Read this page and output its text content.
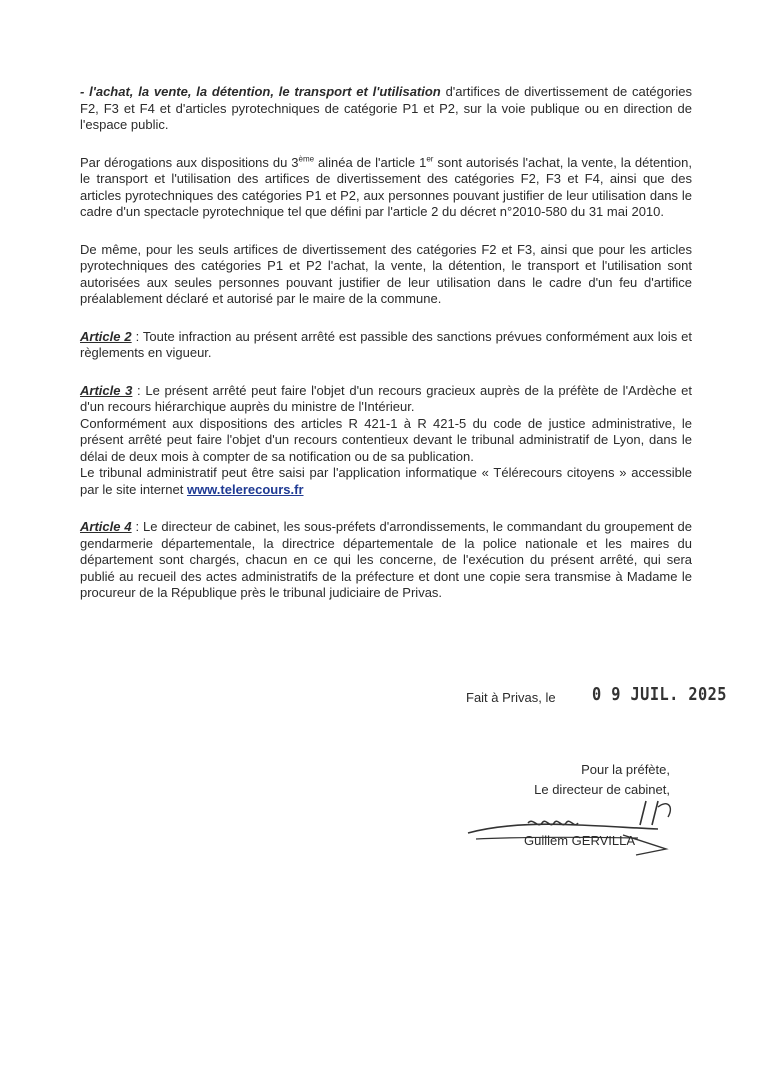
- l'achat, la vente, la détention, le transport et l'utilisation d'artifices de divertissement de catégories F2, F3 et F4 et d'articles pyrotechniques de catégorie P1 et P2, sur la voie publique ou en direction de l'espace public.

Par dérogations aux dispositions du 3ème alinéa de l'article 1er sont autorisés l'achat, la vente, la détention, le transport et l'utilisation des artifices de divertissement des catégories F2, F3 et F4, ainsi que des articles pyrotechniques des catégories P1 et P2, aux personnes pouvant justifier de leur utilisation dans le cadre d'un spectacle pyrotechnique tel que défini par l'article 2 du décret n°2010-580 du 31 mai 2010.

De même, pour les seuls artifices de divertissement des catégories F2 et F3, ainsi que pour les articles pyrotechniques des catégories P1 et P2 l'achat, la vente, la détention, le transport et l'utilisation sont autorisées aux seules personnes pouvant justifier de leur utilisation dans le cadre d'un feu d'artifice préalablement déclaré et autorisé par le maire de la commune.

Article 2 : Toute infraction au présent arrêté est passible des sanctions prévues conformément aux lois et règlements en vigueur.

Article 3 : Le présent arrêté peut faire l'objet d'un recours gracieux auprès de la préfète de l'Ardèche et d'un recours hiérarchique auprès du ministre de l'Intérieur.

Conformément aux dispositions des articles R 421-1 à R 421-5 du code de justice administrative, le présent arrêté peut faire l'objet d'un recours contentieux devant le tribunal administratif de Lyon, dans le délai de deux mois à compter de sa notification ou de sa publication.

Le tribunal administratif peut être saisi par l'application informatique « Télérecours citoyens » accessible par le site internet www.telerecours.fr

Article 4 : Le directeur de cabinet, les sous-préfets d'arrondissements, le commandant du groupement de gendarmerie départementale, la directrice départementale de la police nationale et les maires du département sont chargés, chacun en ce qui les concerne, de l'exécution du présent arrêté, qui sera publié au recueil des actes administratifs de la préfecture et dont une copie sera transmise à Madame le procureur de la République près le tribunal judiciaire de Privas.

Fait à Privas, le 0 9 JUIL. 2025
Pour la préfète,
Le directeur de cabinet,
Guillem GERVILLA
